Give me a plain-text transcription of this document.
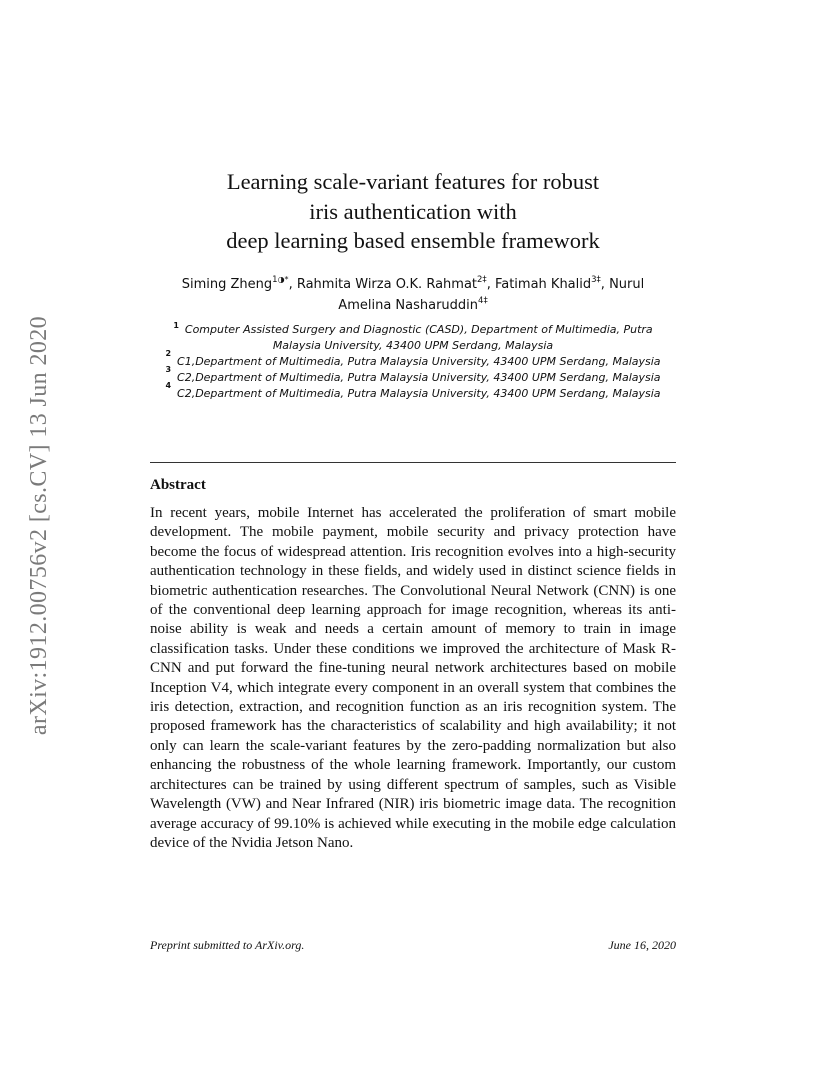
arXiv:1912.00756v2 [cs.CV] 13 Jun 2020
Learning scale-variant features for robust
iris authentication with
deep learning based ensemble framework
Siming Zheng$^{1◑*}$, Rahmita Wirza O.K. Rahmat$^{2\ddagger}$, Fatimah Khalid$^{3\ddagger}$, Nurul
Amelina Nasharuddin$^{4\ddagger}$
$^1$ Computer Assisted Surgery and Diagnostic (CASD), Department of Multimedia, Putra Malaysia University, 43400 UPM Serdang, Malaysia
2
C1,Department of Multimedia, Putra Malaysia University, 43400 UPM Serdang, Malaysia
3
C2,Department of Multimedia, Putra Malaysia University, 43400 UPM Serdang, Malaysia
4
C2,Department of Multimedia, Putra Malaysia University, 43400 UPM Serdang, Malaysia
Abstract
In recent years, mobile Internet has accelerated the proliferation of smart mobile development. The mobile payment, mobile security and privacy protection have become the focus of widespread attention. Iris recognition evolves into a high-security authentication technology in these fields, and widely used in distinct science fields in biometric authentication researches. The Convolutional Neural Network (CNN) is one of the conventional deep learning approach for image recognition, whereas its anti-noise ability is weak and needs a certain amount of memory to train in image classification tasks. Under these conditions we improved the architecture of Mask R-CNN and put forward the fine-tuning neural network architectures based on mobile Inception V4, which integrate every component in an overall system that combines the iris detection, extraction, and recognition function as an iris recognition system. The proposed framework has the characteristics of scalability and high availability; it not only can learn the scale-variant features by the zero-padding normalization but also enhancing the robustness of the whole learning framework. Importantly, our custom architectures can be trained by using different spectrum of samples, such as Visible Wavelength (VW) and Near Infrared (NIR) iris biometric image data. The recognition average accuracy of 99.10% is achieved while executing in the mobile edge calculation device of the Nvidia Jetson Nano.
Preprint submitted to ArXiv.org.	June 16, 2020
